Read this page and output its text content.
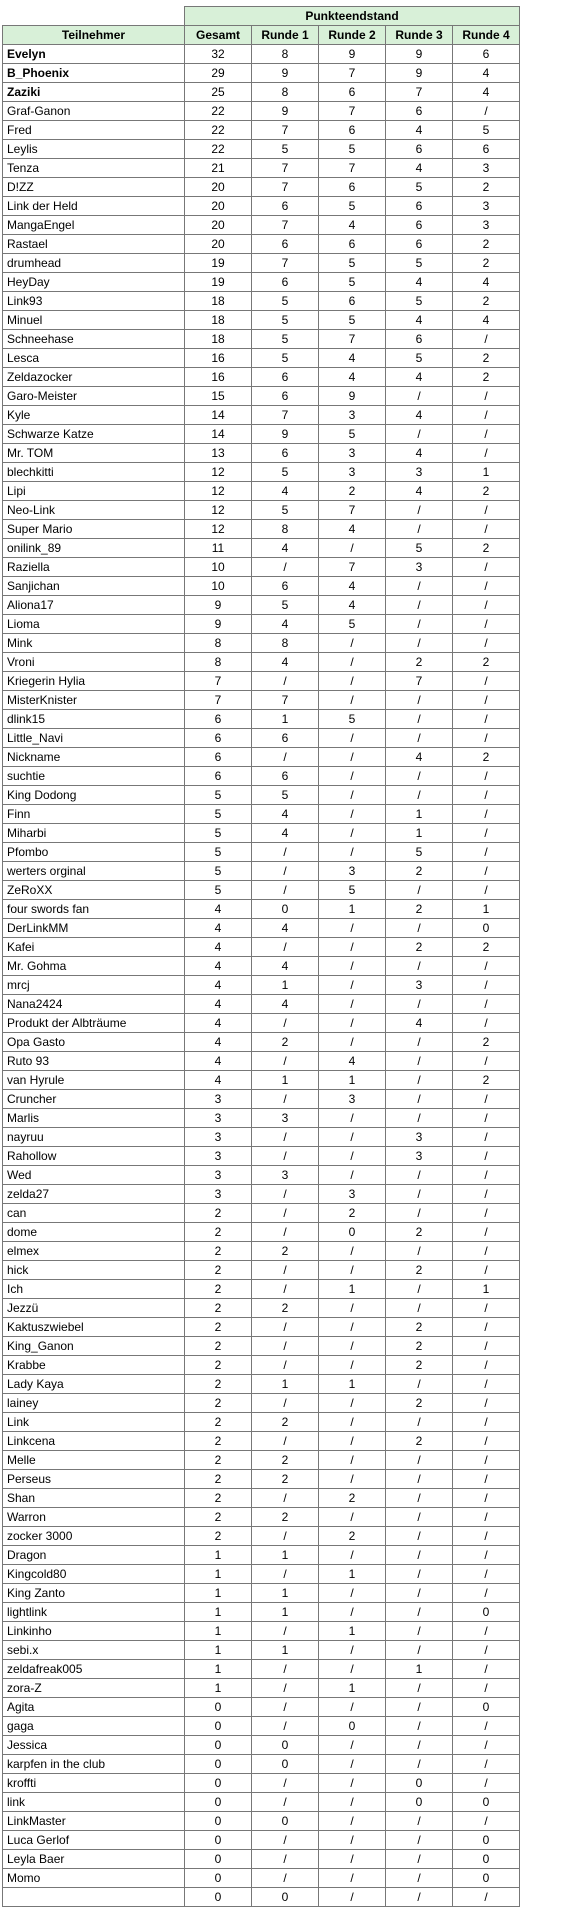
	Punkteendstand				
Teilnehmer	Gesamt	Runde 1	Runde 2	Runde 3	Runde 4
Evelyn	32	8	9	9	6
B_Phoenix	29	9	7	9	4
Zaziki	25	8	6	7	4
Graf-Ganon	22	9	7	6	/
Fred	22	7	6	4	5
Leylis	22	5	5	6	6
Tenza	21	7	7	4	3
D!ZZ	20	7	6	5	2
Link der Held	20	6	5	6	3
MangaEngel	20	7	4	6	3
Rastael	20	6	6	6	2
drumhead	19	7	5	5	2
HeyDay	19	6	5	4	4
Link93	18	5	6	5	2
Minuel	18	5	5	4	4
Schneehase	18	5	7	6	/
Lesca	16	5	4	5	2
Zeldazocker	16	6	4	4	2
Garo-Meister	15	6	9	/	/
Kyle	14	7	3	4	/
Schwarze Katze	14	9	5	/	/
Mr. TOM	13	6	3	4	/
blechkitti	12	5	3	3	1
Lipi	12	4	2	4	2
Neo-Link	12	5	7	/	/
Super Mario	12	8	4	/	/
onilink_89	11	4	/	5	2
Raziella	10	/	7	3	/
Sanjichan	10	6	4	/	/
Aliona17	9	5	4	/	/
Lioma	9	4	5	/	/
Mink	8	8	/	/	/
Vroni	8	4	/	2	2
Kriegerin Hylia	7	/	/	7	/
MisterKnister	7	7	/	/	/
dlink15	6	1	5	/	/
Little_Navi	6	6	/	/	/
Nickname	6	/	/	4	2
suchtie	6	6	/	/	/
King Dodong	5	5	/	/	/
Finn	5	4	/	1	/
Miharbi	5	4	/	1	/
Pfombo	5	/	/	5	/
werters orginal	5	/	3	2	/
ZeRoXX	5	/	5	/	/
four swords fan	4	0	1	2	1
DerLinkMM	4	4	/	/	0
Kafei	4	/	/	2	2
Mr. Gohma	4	4	/	/	/
mrcj	4	1	/	3	/
Nana2424	4	4	/	/	/
Produkt der Albträume	4	/	/	4	/
Opa Gasto	4	2	/	/	2
Ruto 93	4	/	4	/	/
van Hyrule	4	1	1	/	2
Cruncher	3	/	3	/	/
Marlis	3	3	/	/	/
nayruu	3	/	/	3	/
Rahollow	3	/	/	3	/
Wed	3	3	/	/	/
zelda27	3	/	3	/	/
can	2	/	2	/	/
dome	2	/	0	2	/
elmex	2	2	/	/	/
hick	2	/	/	2	/
Ich	2	/	1	/	1
Jezzü	2	2	/	/	/
Kaktuszwiebel	2	/	/	2	/
King_Ganon	2	/	/	2	/
Krabbe	2	/	/	2	/
Lady Kaya	2	1	1	/	/
lainey	2	/	/	2	/
Link	2	2	/	/	/
Linkcena	2	/	/	2	/
Melle	2	2	/	/	/
Perseus	2	2	/	/	/
Shan	2	/	2	/	/
Warron	2	2	/	/	/
zocker 3000	2	/	2	/	/
Dragon	1	1	/	/	/
Kingcold80	1	/	1	/	/
King Zanto	1	1	/	/	/
lightlink	1	1	/	/	0
Linkinho	1	/	1	/	/
sebi.x	1	1	/	/	/
zeldafreak005	1	/	/	1	/
zora-Z	1	/	1	/	/
Agita	0	/	/	/	0
gaga	0	/	0	/	/
Jessica	0	0	/	/	/
karpfen in the club	0	0	/	/	/
kroffti	0	/	/	0	/
link	0	/	/	0	0
LinkMaster	0	0	/	/	/
Luca Gerlof	0	/	/	/	0
Leyla Baer	0	/	/	/	0
Momo	0	/	/	/	0
	0	0	/	/	/
